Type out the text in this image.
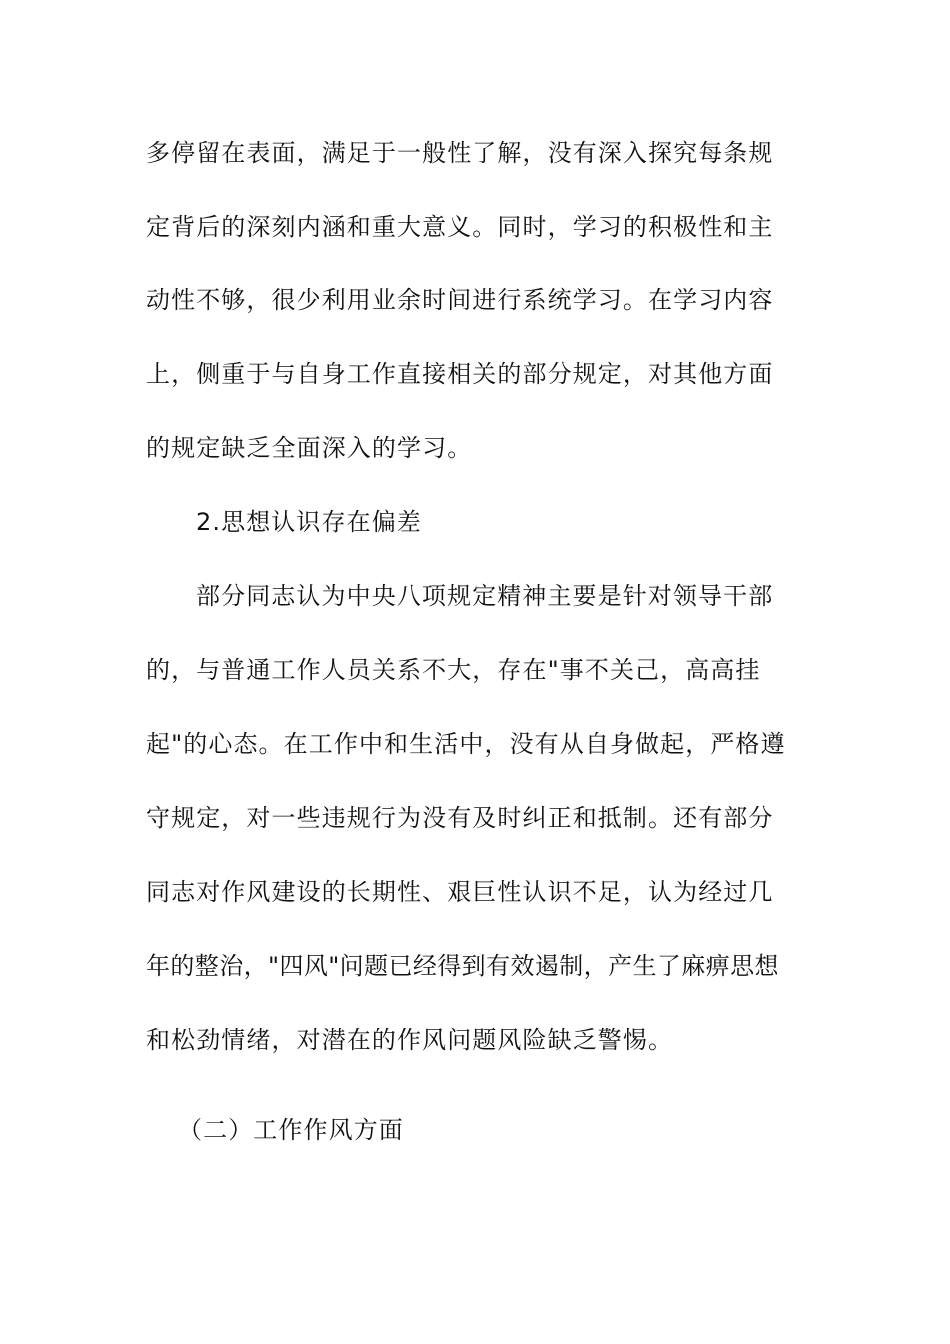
多停留在表面，满足于一般性了解，没有深入探究每条规
定背后的深刻内涵和重大意义。同时，学习的积极性和主
动性不够，很少利用业余时间进行系统学习。在学习内容
上，侧重于与自身工作直接相关的部分规定，对其他方面
的规定缺乏全面深入的学习。
2.思想认识存在偏差
部分同志认为中央八项规定精神主要是针对领导干部
的，与普通工作人员关系不大，存在"事不关己，高高挂
起"的心态。在工作中和生活中，没有从自身做起，严格遵
守规定，对一些违规行为没有及时纠正和抵制。还有部分
同志对作风建设的长期性、艰巨性认识不足，认为经过几
年的整治，"四风"问题已经得到有效遏制，产生了麻痹思想
和松劲情绪，对潜在的作风问题风险缺乏警惕。
（二）工作作风方面
